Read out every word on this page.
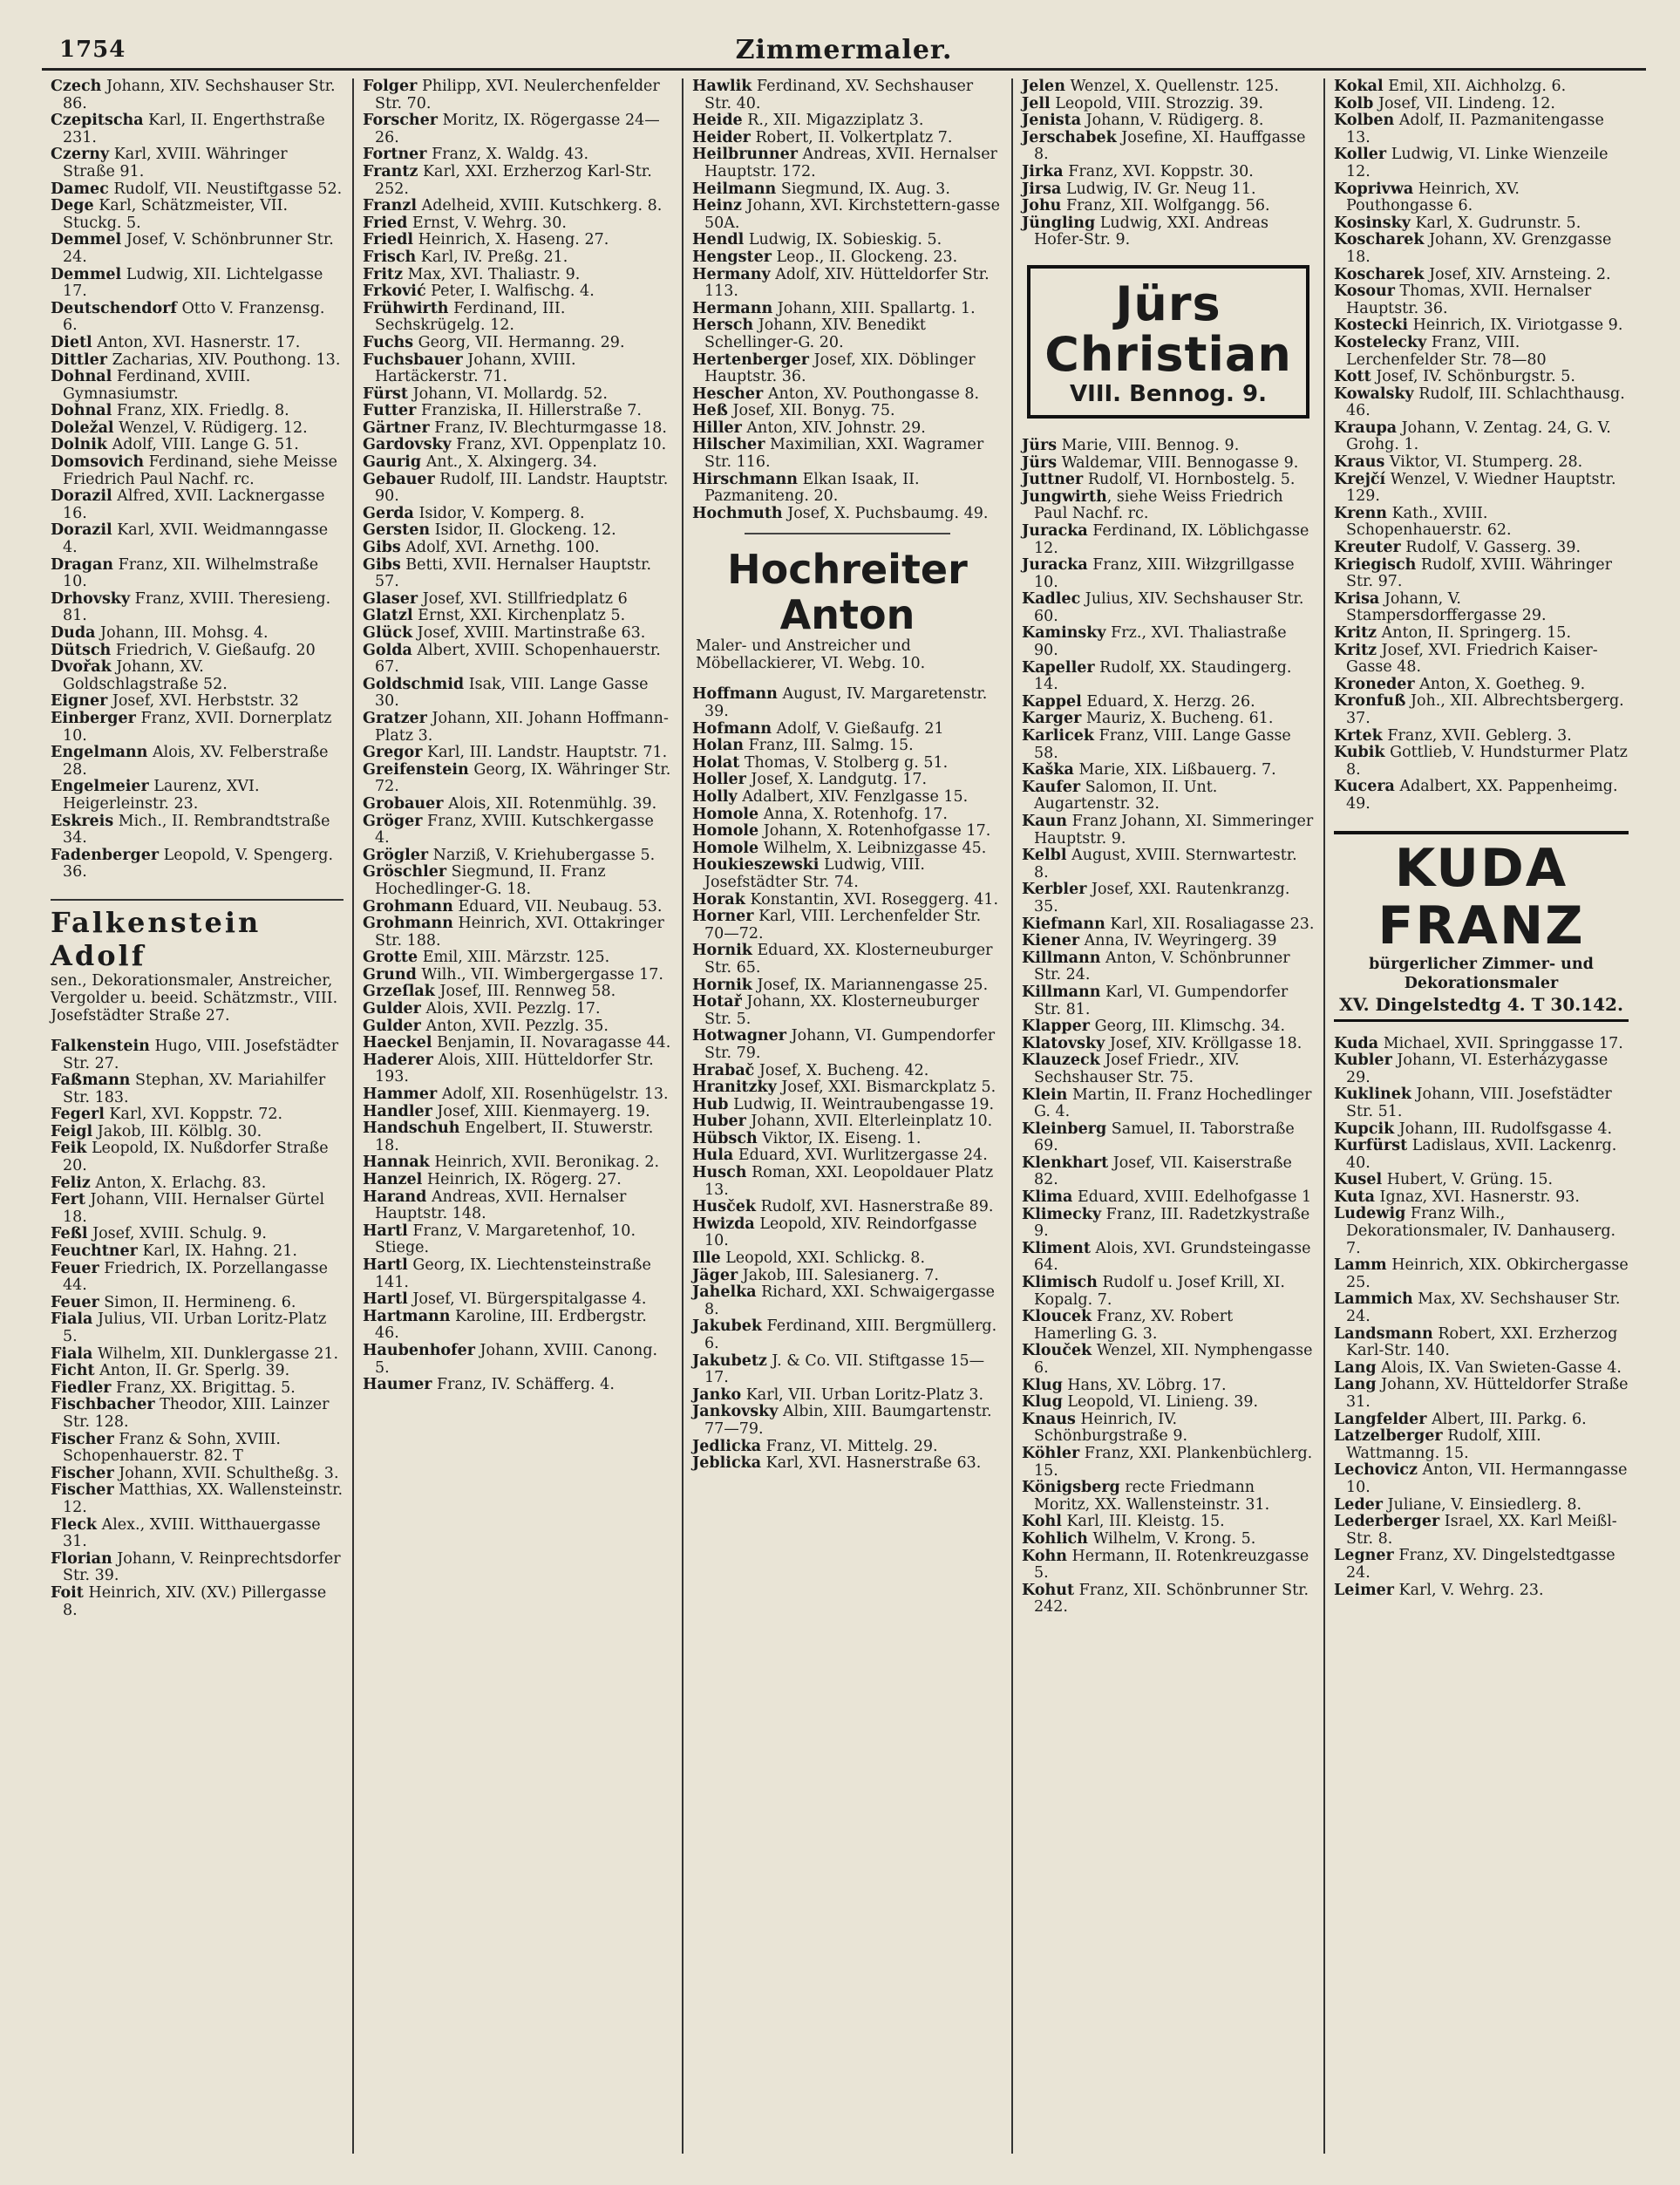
1754	Zimmermaler.
Czech Johann, XIV. Sechshauser Str. 86.
Czepitscha Karl, II. Engerthstraße 231.
Czerny Karl, XVIII. Währinger Straße 91.
Damec Rudolf, VII. Neustiftgasse 52.
Dege Karl, Schätzmeister, VII. Stuckg. 5.
Demmel Josef, V. Schönbrunner Str. 24.
Demmel Ludwig, XII. Lichtelgasse 17.
Deutschendorf Otto V. Franzensg. 6.
Dietl Anton, XVI. Hasnerstr. 17.
Dittler Zacharias, XIV. Pouthong. 13.
Dohnal Ferdinand, XVIII. Gymnasiumstr.
Dohnal Franz, XIX. Friedlg. 8.
Doležal Wenzel, V. Rüdigerg. 12.
Dolnik Adolf, VIII. Lange G. 51.
Domsovich Ferdinand, siehe Meisse Friedrich Paul Nachf. rc.
Dorazil Alfred, XVII. Lacknergasse 16.
Dorazil Karl, XVII. Weidmanngasse 4.
Dragan Franz, XII. Wilhelmstraße 10.
Drhovsky Franz, XVIII. Theresieng. 81.
Duda Johann, III. Mohsg. 4.
Dütsch Friedrich, V. Gießaufg. 20
Dvořak Johann, XV. Goldschlagstraße 52.
Eigner Josef, XVI. Herbststr. 32
Einberger Franz, XVII. Dornerplatz 10.
Engelmann Alois, XV. Felberstraße 28.
Engelmeier Laurenz, XVI. Heigerleinstr. 23.
Eskreis Mich., II. Rembrandtstraße 34.
Fadenberger Leopold, V. Spengerg. 36.
Falkenstein Adolf
sen., Dekorationsmaler, Anstreicher, Vergolder u. beeid. Schätzmstr., VIII. Josefstädter Straße 27.
Falkenstein Hugo, VIII. Josefstädter Str. 27.
Faßmann Stephan, XV. Mariahilfer Str. 183.
Fegerl Karl, XVI. Koppstr. 72.
Feigl Jakob, III. Kölblg. 30.
Feik Leopold, IX. Nußdorfer Straße 20.
Feliz Anton, X. Erlachg. 83.
Fert Johann, VIII. Hernalser Gürtel 18.
Feßl Josef, XVIII. Schulg. 9.
Feuchtner Karl, IX. Hahng. 21.
Feuer Friedrich, IX. Porzellangasse 44.
Feuer Simon, II. Hermineng. 6.
Fiala Julius, VII. Urban Loritz-Platz 5.
Fiala Wilhelm, XII. Dunklergasse 21.
Ficht Anton, II. Gr. Sperlg. 39.
Fiedler Franz, XX. Brigittag. 5.
Fischbacher Theodor, XIII. Lainzer Str. 128.
Fischer Franz & Sohn, XVIII. Schopenhauerstr. 82. T
Fischer Johann, XVII. Schultheßg. 3.
Fischer Matthias, XX. Wallensteinstr. 12.
Fleck Alex., XVIII. Witthauergasse 31.
Florian Johann, V. Reinprechtsdorfer Str. 39.
Foit Heinrich, XIV. (XV.) Pillergasse 8.
Folger Philipp, XVI. Neulerchenfelder Str. 70.
Forscher Moritz, IX. Rögergasse 24—26.
Fortner Franz, X. Waldg. 43.
Frantz Karl, XXI. Erzherzog Karl-Str. 252.
Franzl Adelheid, XVIII. Kutschkerg. 8.
Fried Ernst, V. Wehrg. 30.
Friedl Heinrich, X. Haseng. 27.
Frisch Karl, IV. Preßg. 21.
Fritz Max, XVI. Thaliastr. 9.
Frković Peter, I. Walfischg. 4.
Frühwirth Ferdinand, III. Sechskrügelg. 12.
Fuchs Georg, VII. Hermanng. 29.
Fuchsbauer Johann, XVIII. Hartäckerstr. 71.
Fürst Johann, VI. Mollardg. 52.
Futter Franziska, II. Hillerstraße 7.
Gärtner Franz, IV. Blechturmgasse 18.
Gardovsky Franz, XVI. Oppenplatz 10.
Gaurig Ant., X. Alxingerg. 34.
Gebauer Rudolf, III. Landstr. Hauptstr. 90.
Gerda Isidor, V. Komperg. 8.
Gersten Isidor, II. Glockeng. 12.
Gibs Adolf, XVI. Arnethg. 100.
Gibs Betti, XVII. Hernalser Hauptstr. 57.
Glaser Josef, XVI. Stillfriedplatz 6
Glatzl Ernst, XXI. Kirchenplatz 5.
Glück Josef, XVIII. Martinstraße 63.
Golda Albert, XVIII. Schopenhauerstr. 67.
Goldschmid Isak, VIII. Lange Gasse 30.
Gratzer Johann, XII. Johann Hoffmann-Platz 3.
Gregor Karl, III. Landstr. Hauptstr. 71.
Greifenstein Georg, IX. Währinger Str. 72.
Grobauer Alois, XII. Rotenmühlg. 39.
Gröger Franz, XVIII. Kutschkergasse 4.
Grögler Narziß, V. Kriehubergasse 5.
Gröschler Siegmund, II. Franz Hochedlinger-G. 18.
Grohmann Eduard, VII. Neubaug. 53.
Grohmann Heinrich, XVI. Ottakringer Str. 188.
Grotte Emil, XIII. Märzstr. 125.
Grund Wilh., VII. Wimbergergasse 17.
Grzeſlak Josef, III. Rennweg 58.
Gulder Alois, XVII. Pezzlg. 17.
Gulder Anton, XVII. Pezzlg. 35.
Haeckel Benjamin, II. Novaragasse 44.
Haderer Alois, XIII. Hütteldorfer Str. 193.
Hammer Adolf, XII. Rosenhügelstr. 13.
Handler Josef, XIII. Kienmayerg. 19.
Handschuh Engelbert, II. Stuwerstr. 18.
Hannak Heinrich, XVII. Beronikag. 2.
Hanzel Heinrich, IX. Rögerg. 27.
Harand Andreas, XVII. Hernalser Hauptstr. 148.
Hartl Franz, V. Margaretenhof, 10. Stiege.
Hartl Georg, IX. Liechtensteinstraße 141.
Hartl Josef, VI. Bürgerspitalgasse 4.
Hartmann Karoline, III. Erdbergstr. 46.
Haubenhofer Johann, XVIII. Canong. 5.
Haumer Franz, IV. Schäfferg. 4.
Hawlik Ferdinand, XV. Sechshauser Str. 40.
Heide R., XII. Migazziplatz 3.
Heider Robert, II. Volkertplatz 7.
Heilbrunner Andreas, XVII. Hernalser Hauptstr. 172.
Heilmann Siegmund, IX. Aug. 3.
Heinz Johann, XVI. Kirchstettern-gasse 50A.
Hendl Ludwig, IX. Sobieskig. 5.
Hengster Leop., II. Glockeng. 23.
Hermany Adolf, XIV. Hütteldorfer Str. 113.
Hermann Johann, XIII. Spallartg. 1.
Hersch Johann, XIV. Benedikt Schellinger-G. 20.
Hertenberger Josef, XIX. Döblinger Hauptstr. 36.
Hescher Anton, XV. Pouthongasse 8.
Heß Josef, XII. Bonyg. 75.
Hiller Anton, XIV. Johnstr. 29.
Hilscher Maximilian, XXI. Wagramer Str. 116.
Hirschmann Elkan Isaak, II. Pazmaniteng. 20.
Hochmuth Josef, X. Puchsbaumg. 49.
Hochreiter Anton
Maler- und Anstreicher und Möbellackierer, VI. Webg. 10.
Hoffmann August, IV. Margaretenstr. 39.
Hofmann Adolf, V. Gießaufg. 21
Holan Franz, III. Salmg. 15.
Holat Thomas, V. Stolberg g. 51.
Holler Josef, X. Landgutg. 17.
Holly Adalbert, XIV. Fenzlgasse 15.
Homole Anna, X. Rotenhofg. 17.
Homole Johann, X. Rotenhofgasse 17.
Homole Wilhelm, X. Leibnizgasse 45.
Houkieszewski Ludwig, VIII. Josefstädter Str. 74.
Horak Konstantin, XVI. Roseggerg. 41.
Horner Karl, VIII. Lerchenfelder Str. 70—72.
Hornik Eduard, XX. Klosterneuburger Str. 65.
Hornik Josef, IX. Mariannengasse 25.
Hotař Johann, XX. Klosterneuburger Str. 5.
Hotwagner Johann, VI. Gumpendorfer Str. 79.
Hrabač Josef, X. Bucheng. 42.
Hranitzky Josef, XXI. Bismarckplatz 5.
Hub Ludwig, II. Weintraubengasse 19.
Huber Johann, XVII. Elterleinplatz 10.
Hübsch Viktor, IX. Eiseng. 1.
Hula Eduard, XVI. Wurlitzergasse 24.
Husch Roman, XXI. Leopoldauer Platz 13.
Husček Rudolf, XVI. Hasnerstraße 89.
Hwizda Leopold, XIV. Reindorfgasse 10.
Ille Leopold, XXI. Schlickg. 8.
Jäger Jakob, III. Salesianerg. 7.
Jahelka Richard, XXI. Schwaigergasse 8.
Jakubek Ferdinand, XIII. Bergmüllerg. 6.
Jakubetz J. & Co. VII. Stiftgasse 15—17.
Janko Karl, VII. Urban Loritz-Platz 3.
Jankovsky Albin, XIII. Baumgartenstr. 77—79.
Jedlicka Franz, VI. Mittelg. 29.
Jeblicka Karl, XVI. Hasnerstraße 63.
Jelen Wenzel, X. Quellenstr. 125.
Jell Leopold, VIII. Strozzig. 39.
Jenista Johann, V. Rüdigerg. 8.
Jerschabek Josefine, XI. Hauffgasse 8.
Jirka Franz, XVI. Koppstr. 30.
Jirsa Ludwig, IV. Gr. Neug 11.
Johu Franz, XII. Wolfgangg. 56.
Jüngling Ludwig, XXI. Andreas Hofer-Str. 9.
Jürs Christian
VIII. Bennog. 9.
Jürs Marie, VIII. Bennog. 9.
Jürs Waldemar, VIII. Bennogasse 9.
Juttner Rudolf, VI. Hornbostelg. 5.
Jungwirth, siehe Weiss Friedrich Paul Nachf. rc.
Juracka Ferdinand, IX. Löblichgasse 12.
Juracka Franz, XIII. Wiłzgrillgasse 10.
Kadlec Julius, XIV. Sechshauser Str. 60.
Kaminsky Frz., XVI. Thaliastraße 90.
Kapeller Rudolf, XX. Staudingerg. 14.
Kappel Eduard, X. Herzg. 26.
Karger Mauriz, X. Bucheng. 61.
Karlicek Franz, VIII. Lange Gasse 58.
Kaška Marie, XIX. Lißbauerg. 7.
Kaufer Salomon, II. Unt. Augartenstr. 32.
Kaun Franz Johann, XI. Simmeringer Hauptstr. 9.
Kelbl August, XVIII. Sternwartestr. 8.
Kerbler Josef, XXI. Rautenkranzg. 35.
Kiefmann Karl, XII. Rosaliagasse 23.
Kiener Anna, IV. Weyringerg. 39
Killmann Anton, V. Schönbrunner Str. 24.
Killmann Karl, VI. Gumpendorfer Str. 81.
Klapper Georg, III. Klimschg. 34.
Klatovsky Josef, XIV. Kröllgasse 18.
Klauzeck Josef Friedr., XIV. Sechshauser Str. 75.
Klein Martin, II. Franz Hochedlinger G. 4.
Kleinberg Samuel, II. Taborstraße 69.
Klenkhart Josef, VII. Kaiserstraße 82.
Klima Eduard, XVIII. Edelhofgasse 1
Klimecky Franz, III. Radetzkystraße 9.
Kliment Alois, XVI. Grundsteingasse 64.
Klimisch Rudolf u. Josef Krill, XI. Kopalg. 7.
Kloucek Franz, XV. Robert Hamerling G. 3.
Klouček Wenzel, XII. Nymphengasse 6.
Klug Hans, XV. Löbrg. 17.
Klug Leopold, VI. Linieng. 39.
Knaus Heinrich, IV. Schönburgstraße 9.
Köhler Franz, XXI. Plankenbüchlerg. 15.
Königsberg recte Friedmann Moritz, XX. Wallensteinstr. 31.
Kohl Karl, III. Kleistg. 15.
Kohlich Wilhelm, V. Krong. 5.
Kohn Hermann, II. Rotenkreuzgasse 5.
Kohut Franz, XII. Schönbrunner Str. 242.
Kokal Emil, XII. Aichholzg. 6.
Kolb Josef, VII. Lindeng. 12.
Kolben Adolf, II. Pazmanitengasse 13.
Koller Ludwig, VI. Linke Wienzeile 12.
Koprivwa Heinrich, XV. Pouthongasse 6.
Kosinsky Karl, X. Gudrunstr. 5.
Koscharek Johann, XV. Grenzgasse 18.
Koscharek Josef, XIV. Arnsteing. 2.
Kosour Thomas, XVII. Hernalser Hauptstr. 36.
Kostecki Heinrich, IX. Viriotgasse 9.
Kostelecky Franz, VIII. Lerchenfelder Str. 78—80
Kott Josef, IV. Schönburgstr. 5.
Kowalsky Rudolf, III. Schlachthausg. 46.
Kraupa Johann, V. Zentag. 24, G. V. Grohg. 1.
Kraus Viktor, VI. Stumperg. 28.
Krejčí Wenzel, V. Wiedner Hauptstr. 129.
Krenn Kath., XVIII. Schopenhauerstr. 62.
Kreuter Rudolf, V. Gasserg. 39.
Kriegisch Rudolf, XVIII. Währinger Str. 97.
Krisa Johann, V. Stampersdorffergasse 29.
Kritz Anton, II. Springerg. 15.
Kritz Josef, XVI. Friedrich Kaiser-Gasse 48.
Kroneder Anton, X. Goetheg. 9.
Kronfuß Joh., XII. Albrechtsbergerg. 37.
Krtek Franz, XVII. Geblerg. 3.
Kubik Gottlieb, V. Hundsturmer Platz 8.
Kucera Adalbert, XX. Pappenheimg. 49.
KUDA FRANZ
bürgerlicher Zimmer- und Dekorationsmaler
XV. Dingelstedtg 4. T 30.142.
Kuda Michael, XVII. Springgasse 17.
Kubler Johann, VI. Esterházygasse 29.
Kuklinek Johann, VIII. Josefstädter Str. 51.
Kupcik Johann, III. Rudolfsgasse 4.
Kurfürst Ladislaus, XVII. Lackenrg. 40.
Kusel Hubert, V. Grüng. 15.
Kuta Ignaz, XVI. Hasnerstr. 93.
Ludewig Franz Wilh., Dekorationsmaler, IV. Danhauserg. 7.
Lamm Heinrich, XIX. Obkirchergasse 25.
Lammich Max, XV. Sechshauser Str. 24.
Landsmann Robert, XXI. Erzherzog Karl-Str. 140.
Lang Alois, IX. Van Swieten-Gasse 4.
Lang Johann, XV. Hütteldorfer Straße 31.
Langfelder Albert, III. Parkg. 6.
Latzelberger Rudolf, XIII. Wattmanng. 15.
Lechovicz Anton, VII. Hermanngasse 10.
Leder Juliane, V. Einsiedlerg. 8.
Lederberger Israel, XX. Karl Meißl-Str. 8.
Legner Franz, XV. Dingelstedtgasse 24.
Leimer Karl, V. Wehrg. 23.
